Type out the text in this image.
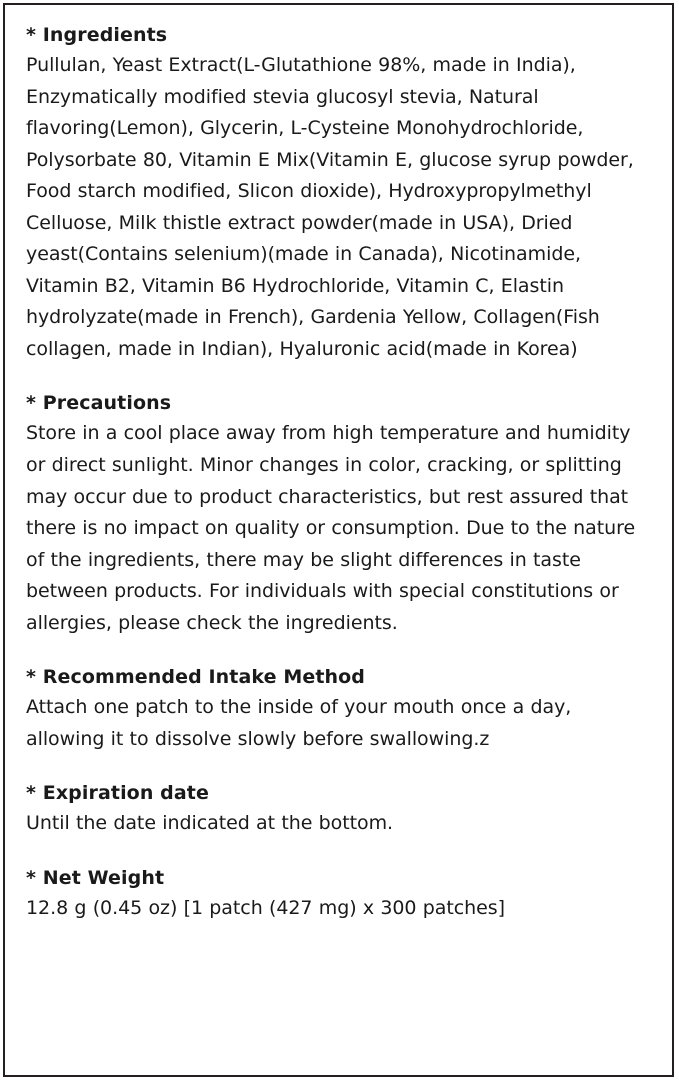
* Ingredients

Pullulan, Yeast Extract(L-Glutathione 98%, made in India), Enzymatically modified stevia glucosyl stevia, Natural flavoring(Lemon), Glycerin, L-Cysteine Monohydrochloride, Polysorbate 80, Vitamin E Mix(Vitamin E, glucose syrup powder, Food starch modified, Slicon dioxide), Hydroxypropylmethyl Celluose, Milk thistle extract powder(made in USA), Dried yeast(Contains selenium)(made in Canada), Nicotinamide, Vitamin B2, Vitamin B6 Hydrochloride, Vitamin C, Elastin hydrolyzate(made in French), Gardenia Yellow, Collagen(Fish collagen, made in Indian), Hyaluronic acid(made in Korea)

* Precautions

Store in a cool place away from high temperature and humidity or direct sunlight. Minor changes in color, cracking, or splitting may occur due to product characteristics, but rest assured that there is no impact on quality or consumption. Due to the nature of the ingredients, there may be slight differences in taste between products. For individuals with special constitutions or allergies, please check the ingredients.

* Recommended Intake Method

Attach one patch to the inside of your mouth once a day, allowing it to dissolve slowly before swallowing.z

* Expiration date

Until the date indicated at the bottom.

* Net Weight

12.8 g (0.45 oz) [1 patch (427 mg) x 300 patches]
